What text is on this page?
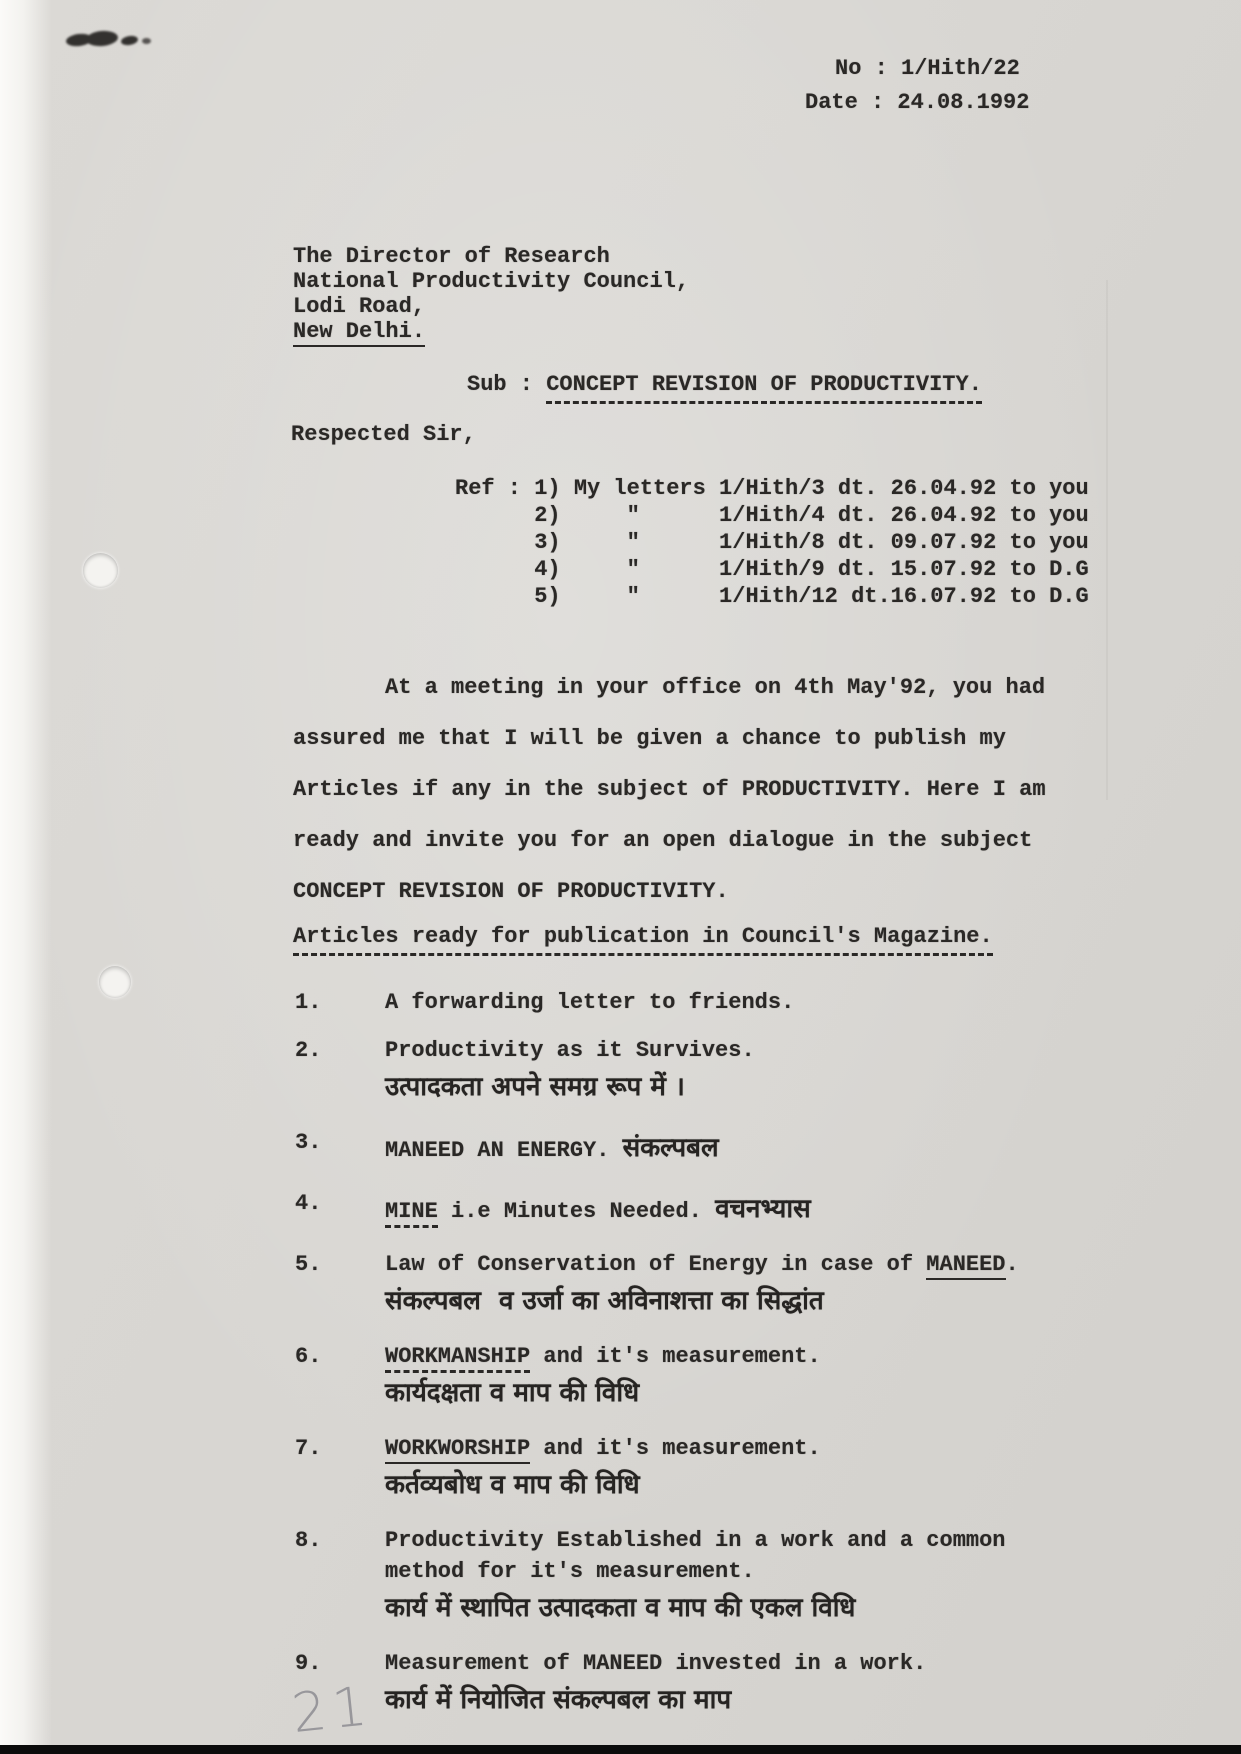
No : 1/Hith/22
Date : 24.08.1992
The Director of Research
National Productivity Council,
Lodi Road,
New Delhi.
Sub : CONCEPT REVISION OF PRODUCTIVITY.
Respected Sir,
Ref : 1) My letters 1/Hith/3 dt. 26.04.92 to you
2)     "      1/Hith/4 dt. 26.04.92 to you
3)     "      1/Hith/8 dt. 09.07.92 to you
4)     "      1/Hith/9 dt. 15.07.92 to D.G
5)     "      1/Hith/12 dt.16.07.92 to D.G
At a meeting in your office on 4th May'92, you had
assured me that I will be given a chance to publish my
Articles if any in the subject of PRODUCTIVITY. Here I am
ready and invite you for an open dialogue in the subject
CONCEPT REVISION OF PRODUCTIVITY.
Articles ready for publication in Council's Magazine.
1.	A forwarding letter to friends.
2.	Productivity as it Survives.
उत्पादकता अपने समग्र रूप में ।
3.	MANEED AN ENERGY. संकल्पबल
4.	MINE i.e Minutes Needed. वचनभ्यास
5.	Law of Conservation of Energy in case of MANEED.
संकल्पबल  व उर्जा का अविनाशत्ता का सिद्धांत
6.	WORKMANSHIP and it's measurement.
कार्यदक्षता व माप की विधि
7.	WORKWORSHIP and it's measurement.
कर्तव्यबोध व माप की विधि
8.	Productivity Established in a work and a common
method for it's measurement.
कार्य में स्थापित उत्पादकता व माप की एकल विधि
9.	Measurement of MANEED invested in a work.
कार्य में नियोजित संकल्पबल का माप
21
